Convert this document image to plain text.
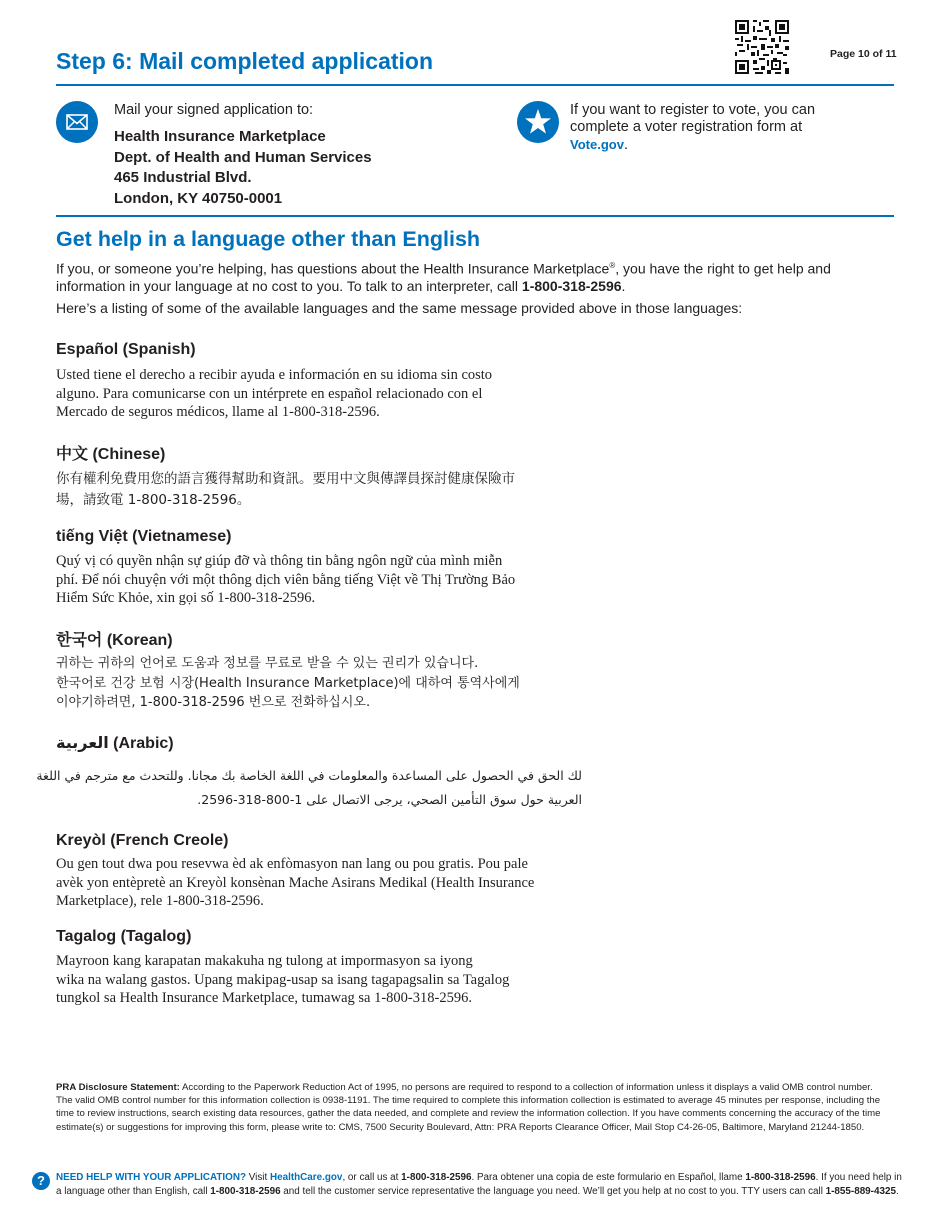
Step 6: Mail completed application	Page 10 of 11
Mail your signed application to:
Health Insurance Marketplace
Dept. of Health and Human Services
465 Industrial Blvd.
London, KY 40750-0001
If you want to register to vote, you can complete a voter registration form at Vote.gov.
Get help in a language other than English
If you, or someone you’re helping, has questions about the Health Insurance Marketplace®, you have the right to get help and information in your language at no cost to you. To talk to an interpreter, call 1-800-318-2596.
Here’s a listing of some of the available languages and the same message provided above in those languages:
Español (Spanish)
Usted tiene el derecho a recibir ayuda e información en su idioma sin costo
alguno. Para comunicarse con un intérprete en español relacionado con el
Mercado de seguros médicos, llame al 1-800-318-2596.
中文 (Chinese)
你有權利免費用您的語言獲得幫助和資訊。要用中文與傳譯員探討健康保險市
場，請致電 1-800-318-2596。
tiếng Việt (Vietnamese)
Quý vị có quyền nhận sự giúp đỡ và thông tin bằng ngôn ngữ của mình miễn
phí. Để nói chuyện với một thông dịch viên bằng tiếng Việt về Thị Trường Bảo
Hiểm Sức Khỏe, xin gọi số 1-800-318-2596.
한국어 (Korean)
귀하는 귀하의 언어로 도움과 정보를 무료로 받을 수 있는 권리가 있습니다.
한국어로 건강 보험 시장(Health Insurance Marketplace)에 대하여 통역사에게
이야기하려면, 1-800-318-2596 번으로 전화하십시오.
العربية (Arabic)
لك الحق في الحصول على المساعدة والمعلومات في اللغة الخاصة بك مجانا. وللتحدث مع مترجم في اللغة
العربية حول سوق التأمين الصحي، يرجى الاتصال على 1-800-318-2596.
Kreyòl (French Creole)
Ou gen tout dwa pou resevwa èd ak enfòmasyon nan lang ou pou gratis. Pou pale
avèk yon entèpretè an Kreyòl konsènan Mache Asirans Medikal (Health Insurance
Marketplace), rele 1-800-318-2596.
Tagalog (Tagalog)
Mayroon kang karapatan makakuha ng tulong at impormasyon sa iyong
wika na walang gastos. Upang makipag-usap sa isang tagapagsalin sa Tagalog
tungkol sa Health Insurance Marketplace, tumawag sa 1-800-318-2596.
PRA Disclosure Statement: According to the Paperwork Reduction Act of 1995, no persons are required to respond to a collection of information unless it displays a valid OMB control number. The valid OMB control number for this information collection is 0938-1191. The time required to complete this information collection is estimated to average 45 minutes per response, including the time to review instructions, search existing data resources, gather the data needed, and complete and review the information collection. If you have comments concerning the accuracy of the time estimate(s) or suggestions for improving this form, please write to: CMS, 7500 Security Boulevard, Attn: PRA Reports Clearance Officer, Mail Stop C4-26-05, Baltimore, Maryland 21244-1850.
?	NEED HELP WITH YOUR APPLICATION? Visit HealthCare.gov, or call us at 1-800-318-2596. Para obtener una copia de este formulario en Español, llame 1-800-318-2596. If you need help in a language other than English, call 1-800-318-2596 and tell the customer service representative the language you need. We’ll get you help at no cost to you. TTY users can call 1-855-889-4325.
